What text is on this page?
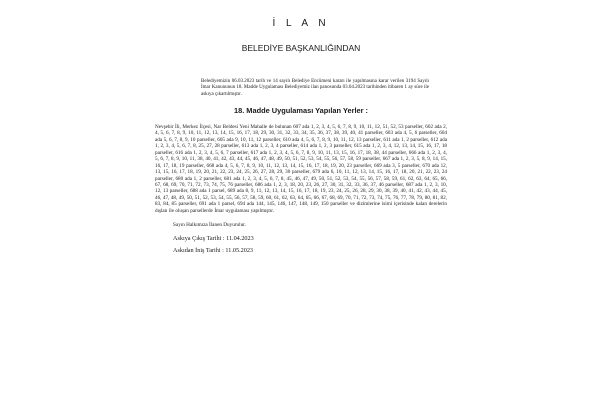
İ L A N
BELEDİYE BAŞKANLIĞINDAN

Belediyemizin 06.03.2023 tarih ve 14 sayılı Belediye Encümeni kararı ile yapılmasına karar verilen 3194 Sayılı İmar Kanununun 18. Madde Uygulaması Belediyemiz ilan panosunda 03.04.2023 tarihinden itibaren 1 ay süre ile askıya çıkartılmıştır.

18. Madde Uygulaması Yapılan Yerler :

Nevşehir İli, Merkez İlçesi, Nar Beldesi Yeni Mahalle de bulunan 607 ada 1, 2, 3, 4, 5, 6, 7, 8, 9, 10, 11, 12, 51, 52, 53 parseller, 602 ada 2, 4, 5, 6, 7, 8, 9, 10, 11, 12, 13, 14, 15, 16, 17, 18, 29, 30, 31, 32, 33, 34, 35, 36, 37, 38, 39, 40, 41 parseller, 603 ada 4, 5, 6 parseller, 604 ada 5, 6, 7, 8, 9, 10 parseller, 605 ada 9, 10, 11, 12 parseller, 610 ada 4, 5, 6, 7, 8, 9, 10, 11, 12, 13 parseller, 611 ada 1, 2 parseller, 612 ada 1, 2, 3, 4, 5, 6, 7, 8, 25, 27, 28 parseller, 613 ada 1, 2, 3, 4 parseller, 614 ada 1, 2, 3 parseller, 615 ada 1, 2, 3, 4, 12, 13, 14, 15, 16, 17, 18 parseller, 616 ada 1, 2, 3, 4, 5, 6, 7 parseller, 617 ada 1, 2, 3, 4, 5, 6, 7, 8, 9, 10, 11, 13, 15, 16, 17, 18, 38, 44 parseller, 666 ada 1, 2, 3, 4, 5, 6, 7, 8, 9, 10, 11, 38, 40, 41, 42, 43, 44, 45, 46, 47, 48, 49, 50, 51, 52, 53, 54, 55, 56, 57, 58, 59 parseller, 667 ada 1, 2, 3, 5, 8, 9, 14, 15, 16, 17, 18, 19 parseller, 668 ada 4, 5, 6, 7, 8, 9, 10, 11, 12, 13, 14, 15, 16, 17, 18, 19, 20, 23 parseller, 669 ada 3, 5 parseller, 670 ada 12, 13, 15, 16, 17, 18, 19, 20, 21, 22, 23, 24, 25, 26, 27, 28, 29, 30 parseller, 679 ada 6, 10, 11, 12, 13, 14, 15, 16, 17, 18, 20, 21, 22, 23, 24 parseller, 680 ada 1, 2 parseller, 681 ada 1, 2, 3, 4, 5, 6, 7, 8, 45, 46, 47, 49, 50, 51, 52, 53, 54, 55, 56, 57, 58, 59, 61, 62, 63, 64, 65, 66, 67, 68, 69, 70, 71, 72, 73, 74, 75, 76 parseller, 686 ada 1, 2, 3, 18, 20, 23, 26, 27, 30, 31, 32, 33, 36, 37, 46 parseller, 687 ada 1, 2, 3, 10, 12, 13 parseller, 688 ada 1 parsel, 689 ada 8, 9, 11, 12, 13, 14, 15, 16, 17, 18, 19, 23, 24, 25, 26, 28, 29, 30, 38, 39, 40, 41, 42, 43, 44, 45, 46, 47, 48, 49, 50, 51, 52, 53, 54, 55, 56, 57, 58, 59, 60, 61, 62, 63, 64, 65, 66, 67, 68, 69, 70, 71, 72, 73, 74, 75, 76, 77, 78, 79, 80, 81, 82, 83, 84, 85 parseller, 691 ada 1 parsel, 694 ada 144, 145, 146, 147, 148, 149, 150 parseller ve dizimlerine isimi içerisinde kalan derelerin dışlan ile oluşan parsellerde İmar uygulaması yapılmıştır.

Sayın Halkımıza İlanen Duyurulur.

Askıya Çıkış Tarihi : 11.04.2023

Askıdan İniş Tarihi : 11.05.2023
